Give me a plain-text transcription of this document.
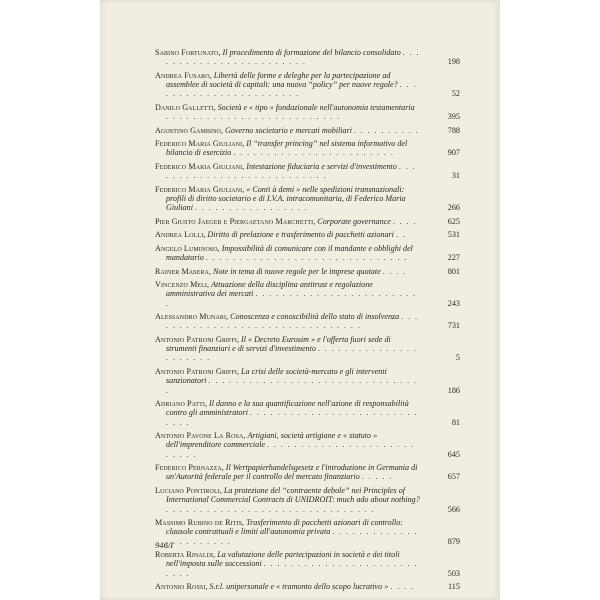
Sabino Fortunato, Il procedimento di formazione del bilancio consolidato . . . . . . . . . . . . . . . . . . . . . . . .	198
Andrea Fusaro, Libertà delle forme e deleghe per la partecipazione ad assemblee di società di capitali: una nuova “policy” per nuove regole? . . . . . . . . . . . . . . . . . . . . . . .	52
Danilo Galletti, Società e « tipo » fondazionale nell'autonomia testamentaria . . . . . . . . . . . . . . . . . . . . . . . . . .	395
Agostino Gambino, Governo societario e mercati mobiliari . . . . . . . . . .	788
Federico Maria Giuliani, Il “transfer princing” nel sistema informativo del bilancio di esercizio . . . . . . . . . . . . . . . . . . . . . . . .	907
Federico Maria Giuliani, Intestazione fiduciaria e servizi d'investimento . . . . . . . . . . . . . . . . . . . . . . . . . . .	31
Federico Maria Giuliani, « Conti à demi » nelle spedizioni transnazionali: profili di diritto societario e di I.V.A. intracomunitaria, di Federico Maria Giuliani . . . . . . . . . . . . . . . . .	266
Pier Giusto Jaeger e Piergaetano Marchetti, Corporate governance . . . .	625
Andrea Lolli, Diritto di prelazione e trasferimento di pacchetti azionari . .	531
Angelo Luminoso, Impossibilità di comunicare con il mandante e obblighi del mandatario . . . . . . . . . . . . . . . . . . . . . . . . . . . . . .	227
Rainer Masera, Note in tema di nuove regole per le imprese quotate . . . .	801
Vincenzo Meli, Attuazione della disciplina antitrust e regolazione amministrativa dei mercati . . . . . . . . . . . . . . . . . . . . . . . . .	243
Alessandro Munari, Conoscenza e conoscibilità dello stato di insolvenza . . . . . . . . . . . . . . . . . . . . . . . . . . . . . . . .	731
Antonio Patroni Griffi, Il « Decreto Eurosim » e l'offerta fuori sede di strumenti finanziari e di servizi d'investimento . . . . . . . . . . . . . . . . . . . . . .	5
Antonio Patroni Griffi, La crisi delle società-mercato e gli interventi sanzionatori . . . . . . . . . . . . . . . . . . . . . . . . . . . . . . . .	186
Adriano Patti, Il danno e la sua quantificazione nell'azione di responsabilità contro gli amministratori . . . . . . . . . . . . . . . . . . . . . . . . . . . . .	81
Antonio Pavone La Rosa, Artigiani, società artigiane e « statuto » dell'imprenditore commerciale . . . . . . . . . . . . . . . . . . . . . . . . . . .	645
Federico Pernazza, Il Wertpapierhandelsgesetz e l'introduzione in Germania di un'Autorità federale per il controllo del mercato finanziario . . . . .	657
Luciano Pontiroli, La protezione del “contraente debole” nei Principles of International Commercial Contracts di UNIDROIT: much ado about nothing? . . . . . . . . . . . . . . . . . . . . . . . . . . . . . . .	566
Massimo Rubino de Ritis, Trasferimento di pacchetti azionari di controllo: clausole contrattuali e limiti all'autonomia privata . . . . . . . . . . . . . . . . . . . . . . .	879
Roberta Rinaldi, La valutazione delle partecipazioni in società e dei titoli nell'imposta sulle successioni . . . . . . . . . . . . . . . . . . . . . . . . . . .	503
Antonio Rossi, S.r.l. unipersonale e « tramonto dello scopo lucrativo » . . . .	115
946/I
